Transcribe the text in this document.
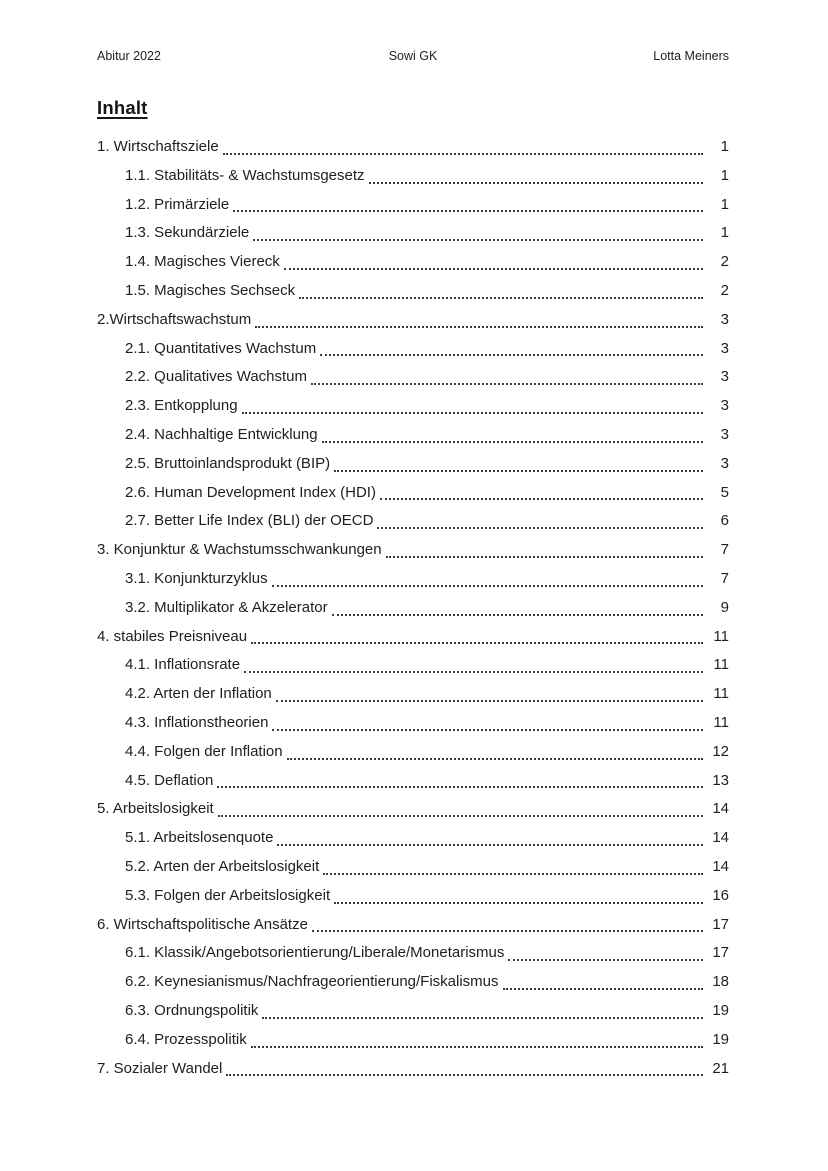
Abitur 2022	Sowi GK	Lotta Meiners
Inhalt
1. Wirtschaftsziele	1
1.1. Stabilitäts- & Wachstumsgesetz	1
1.2. Primärziele	1
1.3. Sekundärziele	1
1.4. Magisches Viereck	2
1.5. Magisches Sechseck	2
2.Wirtschaftswachstum	3
2.1. Quantitatives Wachstum	3
2.2. Qualitatives Wachstum	3
2.3. Entkopplung	3
2.4. Nachhaltige Entwicklung	3
2.5. Bruttoinlandsprodukt (BIP)	3
2.6. Human Development Index (HDI)	5
2.7. Better Life Index (BLI) der OECD	6
3. Konjunktur & Wachstumsschwankungen	7
3.1. Konjunkturzyklus	7
3.2. Multiplikator & Akzelerator	9
4. stabiles Preisniveau	11
4.1. Inflationsrate	11
4.2. Arten der Inflation	11
4.3. Inflationstheorien	11
4.4. Folgen der Inflation	12
4.5. Deflation	13
5. Arbeitslosigkeit	14
5.1. Arbeitslosenquote	14
5.2. Arten der Arbeitslosigkeit	14
5.3. Folgen der Arbeitslosigkeit	16
6. Wirtschaftspolitische Ansätze	17
6.1. Klassik/Angebotsorientierung/Liberale/Monetarismus	17
6.2. Keynesianismus/Nachfrageorientierung/Fiskalismus	18
6.3. Ordnungspolitik	19
6.4. Prozesspolitik	19
7. Sozialer Wandel	21
